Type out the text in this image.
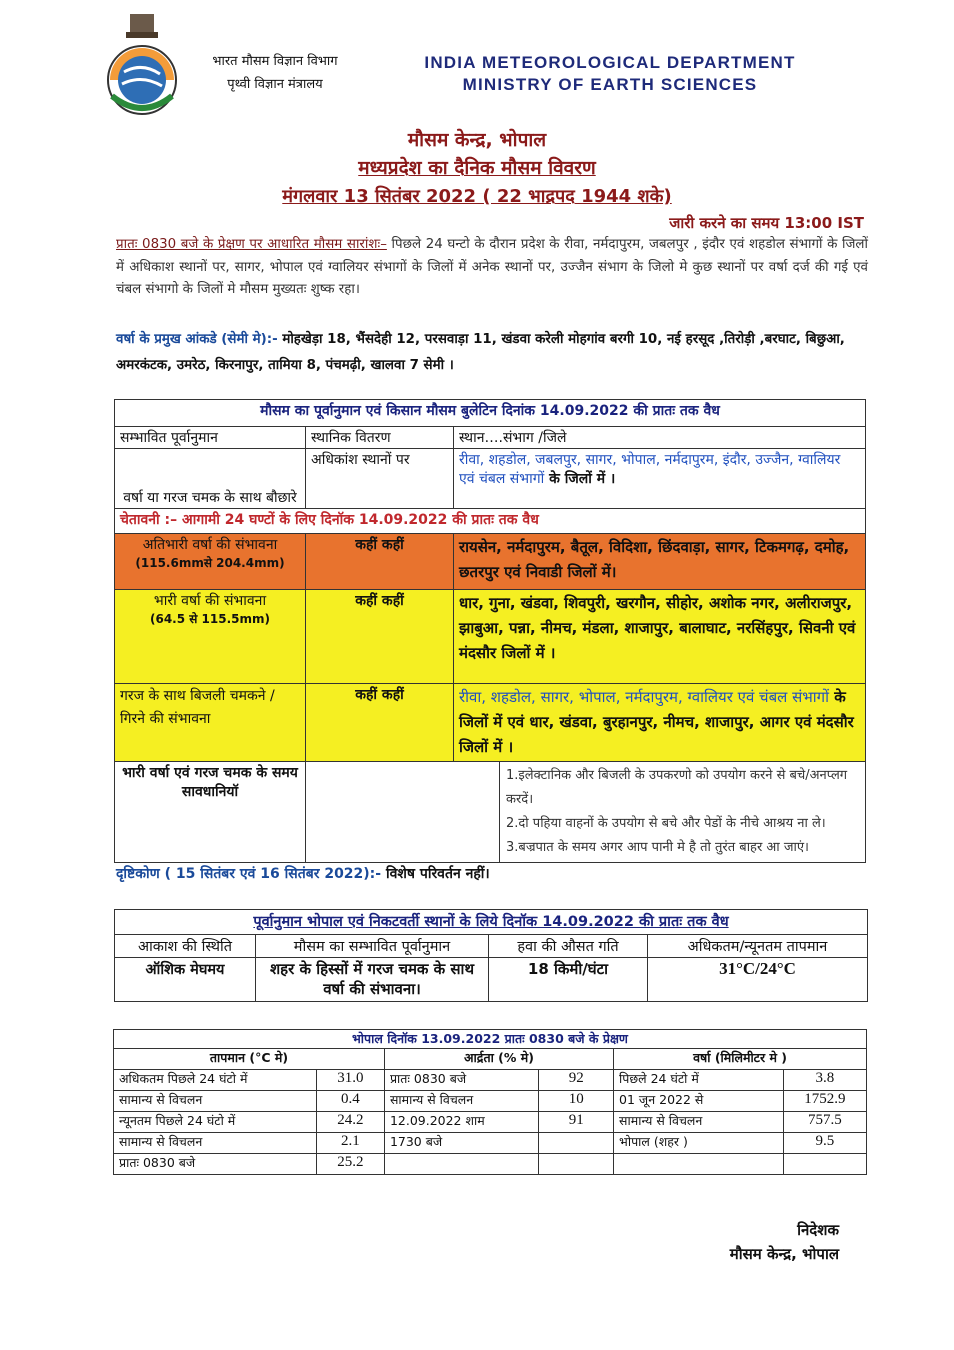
भारत मौसम विज्ञान विभाग
पृथ्वी विज्ञान मंत्रालय
INDIA METEOROLOGICAL DEPARTMENT
MINISTRY OF EARTH SCIENCES
मौसम केन्द्र, भोपाल
मध्यप्रदेश का दैनिक मौसम विवरण
मंगलवार 13 सितंबर 2022 ( 22 भाद्रपद 1944 शके)
जारी करने का समय 13:00 IST
प्रातः 0830 बजे के प्रेक्षण पर आधारित मौसम सारांशः– पिछले 24 घन्टो के दौरान प्रदेश के रीवा, नर्मदापुरम, जबलपुर , इंदौर एवं शहडोल संभागों के जिलों में अधिकाश स्थानों पर, सागर, भोपाल एवं ग्वालियर संभागों के जिलों में अनेक स्थानों पर, उज्जैन संभाग के जिलो मे कुछ स्थानों पर वर्षा दर्ज की गई एवं चंबल संभागो के जिलों मे मौसम मुख्यतः शुष्क रहा।
वर्षा के प्रमुख आंकडे (सेमी मे):- मोहखेड़ा 18, भैंसदेही 12, परसवाड़ा 11, खंडवा करेली मोहगांव बरगी 10, नई हरसूद ,तिरोड़ी ,बरघाट, बिछुआ, अमरकंटक, उमरेठ, किरनापुर, तामिया 8, पंचमढ़ी, खालवा 7 सेमी ।
मौसम का पूर्वानुमान एवं किसान मौसम बुलेटिन दिनांक 14.09.2022 की प्रातः तक वैध		
सम्भावित पूर्वानुमान	स्थानिक वितरण	स्थान….संभाग /जिले
वर्षा या गरज चमक के साथ बौछारे	अधिकांश स्थानों पर	रीवा, शहडोल, जबलपुर, सागर, भोपाल, नर्मदापुरम, इंदौर, उज्जैन, ग्वालियर एवं चंबल संभागों के जिलों में ।
चेतावनी :– आगामी 24 घण्टों के लिए दिनॉक 14.09.2022 की प्रातः तक वैध		

अतिभारी वर्षा की संभावना
(115.6mmसे 204.4mm)	कहीं कहीं	रायसेन, नर्मदापुरम, बैतूल, विदिशा, छिंदवाड़ा, सागर, टिकमगढ़, दमोह, छतरपुर एवं निवाडी जिलों में।

भारी वर्षा की संभावना
(64.5 से 115.5mm)	कहीं कहीं	धार, गुना, खंडवा, शिवपुरी, खरगौन, सीहोर, अशोक नगर, अलीराजपुर, झाबुआ, पन्ना, नीमच, मंडला, शाजापुर, बालाघाट, नरसिंहपुर, सिवनी एवं मंदसौर जिलों में ।
गरज के साथ बिजली चमकने / गिरने की संभावना	कहीं कहीं	रीवा, शहडोल, सागर, भोपाल, नर्मदापुरम, ग्वालियर एवं चंबल संभागों के जिलों में एवं धार, खंडवा, बुरहानपुर, नीमच, शाजापुर, आगर एवं मंदसौर जिलों में ।
भारी वर्षा एवं गरज चमक के समय सावधानियॉ	1.इलेक्टानिक और बिजली के उपकरणो को उपयोग करने से बचे/अनप्लग करदें।
2.दो पहिया वाहनों के उपयोग से बचे और पेडों के नीचे आश्रय ना ले।
3.बज्रपात के समय अगर आप पानी मे है तो तुरंत बाहर आ जाएं।	
दृष्टिकोण ( 15 सितंबर एवं 16 सितंबर 2022):- विशेष परिवर्तन नहीं।
पूर्वानुमान भोपाल एवं निकटवर्ती स्थानों के लिये दिनॉक 14.09.2022 की प्रातः तक वैध			
आकाश की स्थिति	मौसम का सम्भावित पूर्वानुमान	हवा की औसत गति	अधिकतम/न्यूनतम तापमान
ऑशिक मेघमय	शहर के हिस्सों में गरज चमक के साथ वर्षा की संभावना।	18 किमी/घंटा	31°C/24°C
भोपाल दिनॉक 13.09.2022 प्रातः 0830 बजे के प्रेक्षण					
तापमान (°C मे)		आर्द्रता (% मे)		वर्षा (मिलिमीटर मे )	
अधिकतम पिछले 24 घंटो में	31.0	प्रातः 0830 बजे	92	पिछले 24 घंटो में	3.8
सामान्य से विचलन	0.4	सामान्य से विचलन	10	01 जून 2022 से	1752.9
न्यूनतम पिछले 24 घंटो में	24.2	12.09.2022 शाम	91	सामान्य से विचलन	757.5
सामान्य से विचलन	2.1	1730 बजे		भोपाल (शहर )	9.5
प्रातः 0830 बजे	25.2				
निदेशक
मौसम केन्द्र, भोपाल
